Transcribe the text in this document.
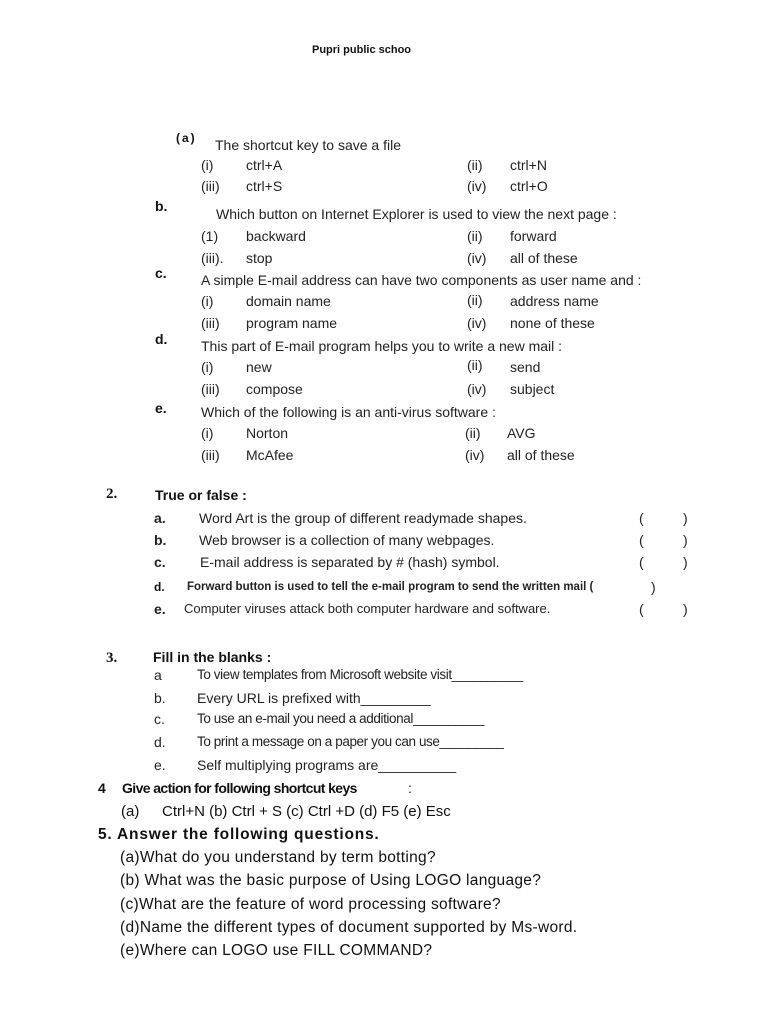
Pupri public schoo
(a) The shortcut key to save a file
(i) ctrl+A	(ii) ctrl+N
(iii) ctrl+S	(iv) ctrl+O
b.	Which button on Internet Explorer is used to view the next page :
(1) backward	(ii) forward
(iii). stop	(iv) all of these
c. A simple E-mail address can have two components as user name and :
(i) domain name	(ii) address name
(iii) program name	(iv) none of these
d. This part of E-mail program helps you to write a new mail :
(i) new	(ii) send
(iii) compose	(iv) subject
e. Which of the following is an anti-virus software :
(i) Norton	(ii) AVG
(iii) McAfee	(iv) all of these
2.	True or false :
a. Word Art is the group of different readymade shapes.	(	)
b. Web browser is a collection of many webpages.	(	)
c. E-mail address is separated by # (hash) symbol.	(	)
d. Forward button is used to tell the e-mail program to send the written mail (	)
e. Computer viruses attack both computer hardware and software.	(	)
3.	Fill in the blanks :
a	To view templates from Microsoft website visit__________
b. Every URL is prefixed with_________
c. To use an e-mail you need a additional__________
d. To print a message on a paper you can use_________
e. Self multiplying programs are__________
4 Give action for following shortcut keys	:
(a) Ctrl+N (b) Ctrl + S (c) Ctrl +D (d) F5 (e) Esc
5. Answer the following questions.
(a)What do you understand by term botting?
(b) What was the basic purpose of Using LOGO language?
(c)What are the feature of word processing software?
(d)Name the different types of document supported by Ms-word.
(e)Where can LOGO use FILL COMMAND?
